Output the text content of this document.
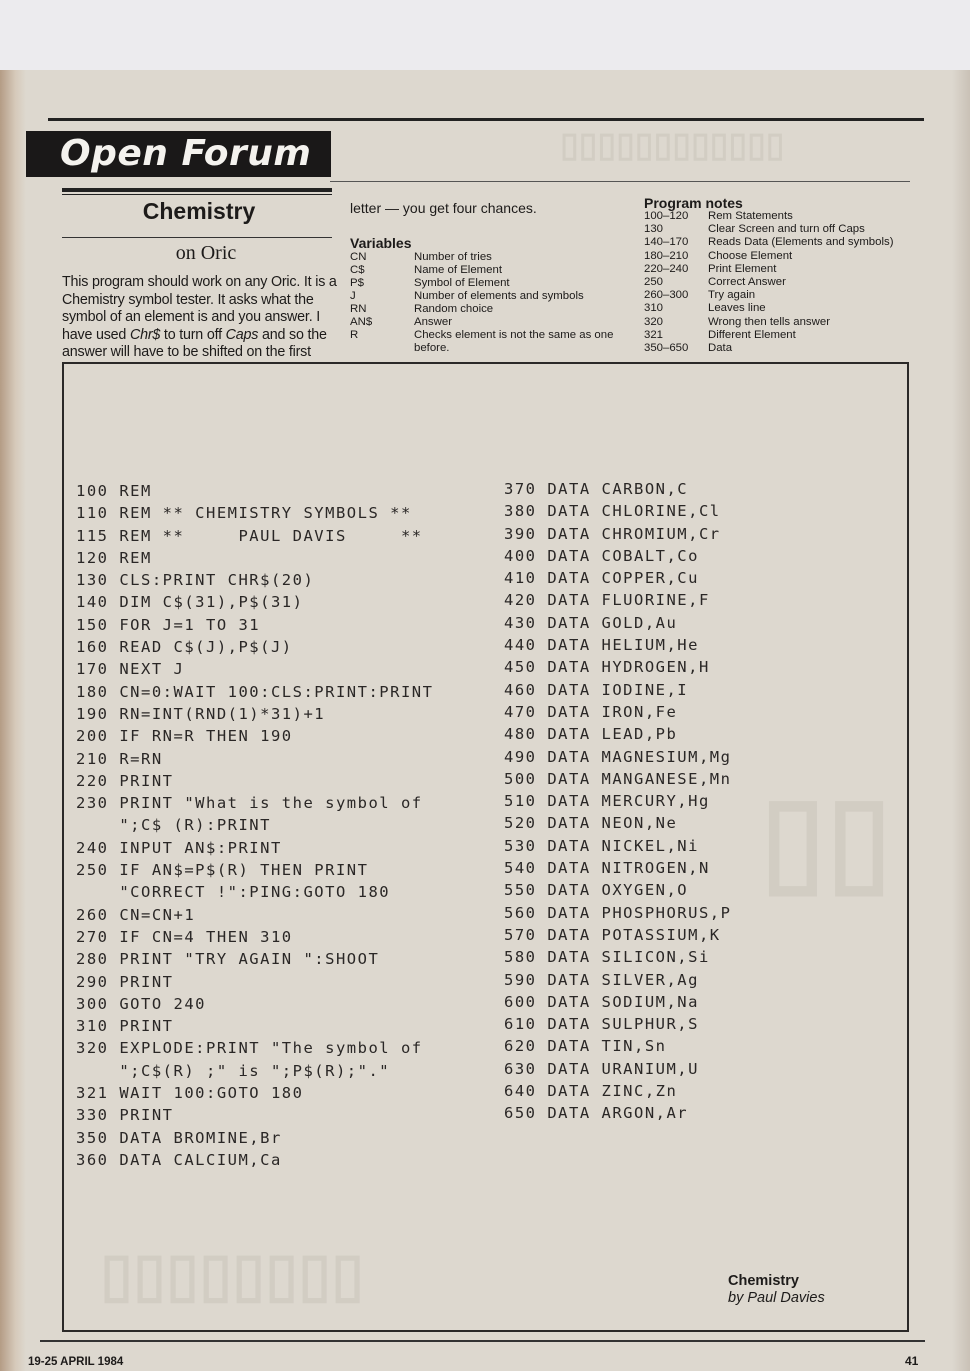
Open Forum
Chemistry
on Oric
This program should work on any Oric. It is a Chemistry symbol tester. It asks what the symbol of an element is and you answer. I have used Chr$ to turn off Caps and so the answer will have to be shifted on the first
letter — you get four chances.
Variables
CN	Number of tries
C$	Name of Element
P$	Symbol of Element
J	Number of elements and symbols
RN	Random choice
AN$	Answer
R	Checks element is not the same as one before.
Program notes
100–120 Rem Statements
130	Clear Screen and turn off Caps
140–170 Reads Data (Elements and symbols)
180–210 Choose Element
220–240 Print Element
250	Correct Answer
260–300 Try again
310	Leaves line
320	Wrong then tells answer
321	Different Element
350–650 Data
▯▯▯▯▯▯▯▯▯▯▯▯
▯▯
▯▯▯▯▯▯▯▯
100 REM
110 REM ** CHEMISTRY SYMBOLS **
115 REM **     PAUL DAVIS     **
120 REM
130 CLS:PRINT CHR$(20)
140 DIM C$(31),P$(31)
150 FOR J=1 TO 31
160 READ C$(J),P$(J)
170 NEXT J
180 CN=0:WAIT 100:CLS:PRINT:PRINT
190 RN=INT(RND(1)*31)+1
200 IF RN=R THEN 190
210 R=RN
220 PRINT
230 PRINT "What is the symbol of
";C$ (R):PRINT
240 INPUT AN$:PRINT
250 IF AN$=P$(R) THEN PRINT
"CORRECT !":PING:GOTO 180
260 CN=CN+1
270 IF CN=4 THEN 310
280 PRINT "TRY AGAIN ":SHOOT
290 PRINT
300 GOTO 240
310 PRINT
320 EXPLODE:PRINT "The symbol of
";C$(R) ;" is ";P$(R);"."
321 WAIT 100:GOTO 180
330 PRINT
350 DATA BROMINE,Br
360 DATA CALCIUM,Ca
370 DATA CARBON,C
380 DATA CHLORINE,Cl
390 DATA CHROMIUM,Cr
400 DATA COBALT,Co
410 DATA COPPER,Cu
420 DATA FLUORINE,F
430 DATA GOLD,Au
440 DATA HELIUM,He
450 DATA HYDROGEN,H
460 DATA IODINE,I
470 DATA IRON,Fe
480 DATA LEAD,Pb
490 DATA MAGNESIUM,Mg
500 DATA MANGANESE,Mn
510 DATA MERCURY,Hg
520 DATA NEON,Ne
530 DATA NICKEL,Ni
540 DATA NITROGEN,N
550 DATA OXYGEN,O
560 DATA PHOSPHORUS,P
570 DATA POTASSIUM,K
580 DATA SILICON,Si
590 DATA SILVER,Ag
600 DATA SODIUM,Na
610 DATA SULPHUR,S
620 DATA TIN,Sn
630 DATA URANIUM,U
640 DATA ZINC,Zn
650 DATA ARGON,Ar
Chemistry
by Paul Davies
19-25 APRIL 1984	41
